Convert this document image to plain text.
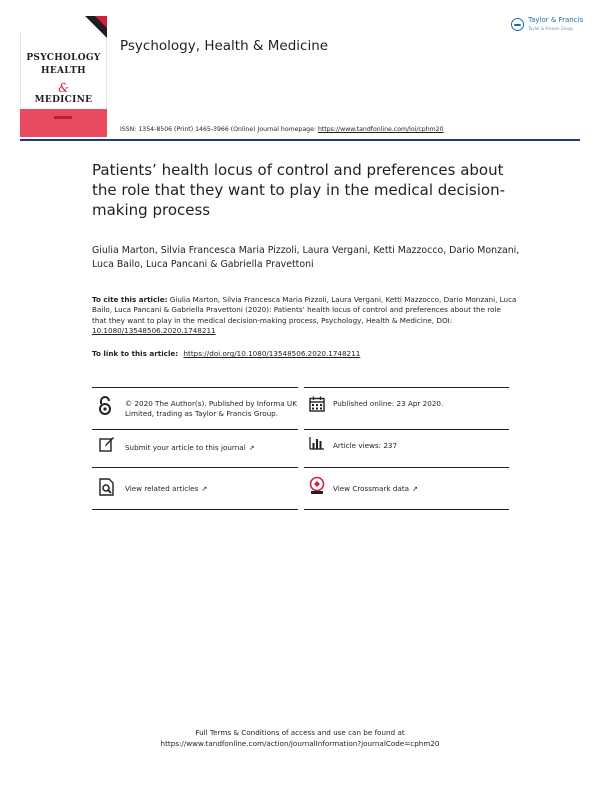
PSYCHOLOGY
HEALTH
&
MEDICINE
Psychology, Health & Medicine
Taylor & Francis
Taylor & Francis Group
ISSN: 1354-8506 (Print) 1465-3966 (Online) Journal homepage: https://www.tandfonline.com/loi/cphm20
Patients’ health locus of control and preferences about the role that they want to play in the medical decision-making process
Giulia Marton, Silvia Francesca Maria Pizzoli, Laura Vergani, Ketti Mazzocco, Dario Monzani, Luca Bailo, Luca Pancani & Gabriella Pravettoni
To cite this article: Giulia Marton, Silvia Francesca Maria Pizzoli, Laura Vergani, Ketti Mazzocco, Dario Monzani, Luca Bailo, Luca Pancani & Gabriella Pravettoni (2020): Patients’ health locus of control and preferences about the role that they want to play in the medical decision-making process, Psychology, Health & Medicine, DOI: 10.1080/13548506.2020.1748211
To link to this article: https://doi.org/10.1080/13548506.2020.1748211
© 2020 The Author(s). Published by Informa UK Limited, trading as Taylor & Francis Group.
Published online: 23 Apr 2020.
Submit your article to this journal ↗	Article views: 237
View related articles ↗	View Crossmark data ↗
Full Terms & Conditions of access and use can be found at
https://www.tandfonline.com/action/journalInformation?journalCode=cphm20
